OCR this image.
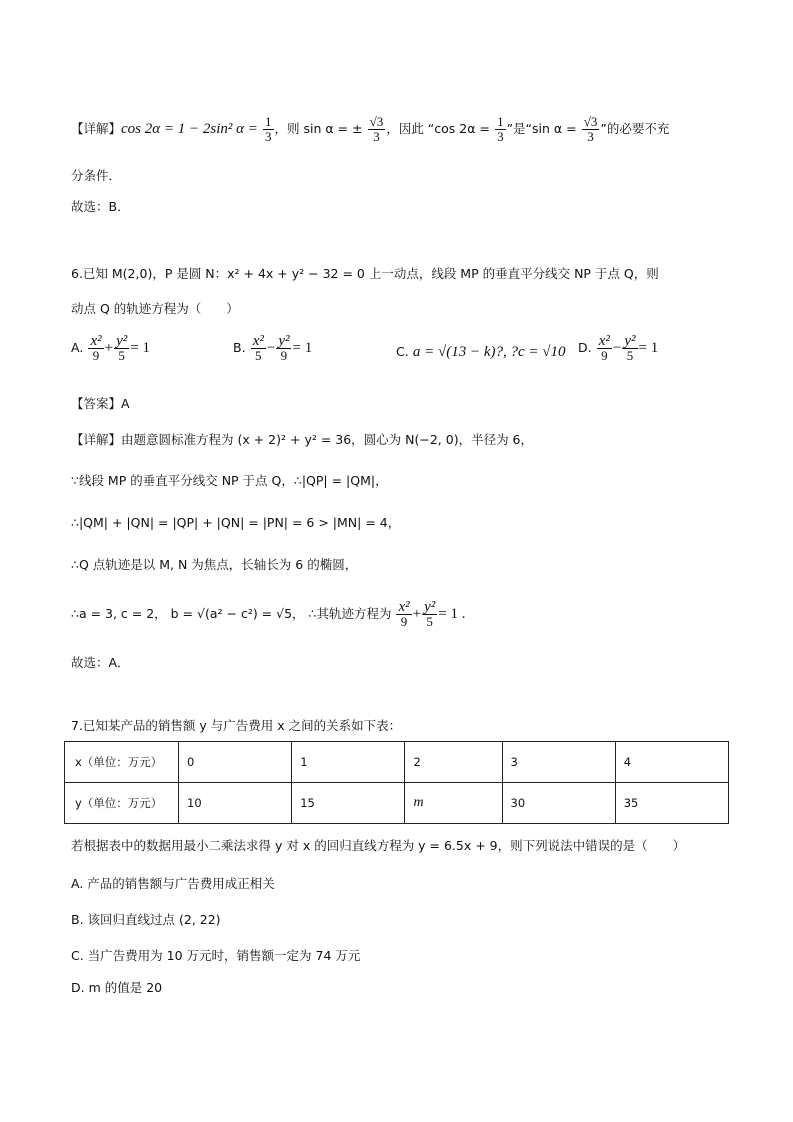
【详解】cos 2α = 1 − 2sin² $\alpha = \frac{1}{3}$ ，则 sin α = ± $\frac{√3}{3}$ ，因此 “cos $2\alpha = \frac{1}{3}$ ”是“sin $\alpha = \frac{√3}{3}$ ”的必要不充
分条件．
故选：B．
6.已知 M(2,0)，P 是圆 N：x² + 4x + y² − 32 = 0 上一动点，线段 MP 的垂直平分线交 NP 于点 Q，则
动点 Q 的轨迹方程为（　　）
A. $\frac{\text{x²}}{9} + \frac{\text{y²}}{5} = 1$	B. $\frac{\text{x²}}{5} - \frac{\text{y²}}{9} = 1$	C. a = √(13 − k)?, ?c = √10 D. $\frac{\text{x²}}{9} - \frac{\text{y²}}{5} = 1$
【答案】A
【详解】由题意圆标准方程为 (x + 2)² + y² = 36，圆心为 N(−2, 0)，半径为 6，
∵线段 MP 的垂直平分线交 NP 于点 Q，∴|QP| = |QM|，
∴|QM| + |QN| = |QP| + |QN| = |PN| = 6 > |MN| = 4，
∴Q 点轨迹是以 M, N 为焦点，长轴长为 6 的椭圆，
∴a = 3, c = 2， b = √(a² − c²) = √5， ∴其轨迹方程为 $\frac{\text{x²}}{9} + \frac{\text{y²}}{5} = 1$ .
故选：A．
7.已知某产品的销售额 y 与广告费用 x 之间的关系如下表：
x（单位：万元）	0	1	2	3	4
y（单位：万元）	10	15	m	30	35
若根据表中的数据用最小二乘法求得 y 对 x 的回归直线方程为 y = 6.5x + 9，则下列说法中错误的是（　　）
A. 产品的销售额与广告费用成正相关
B. 该回归直线过点 (2, 22)
C. 当广告费用为 10 万元时，销售额一定为 74 万元
D. m 的值是 20
